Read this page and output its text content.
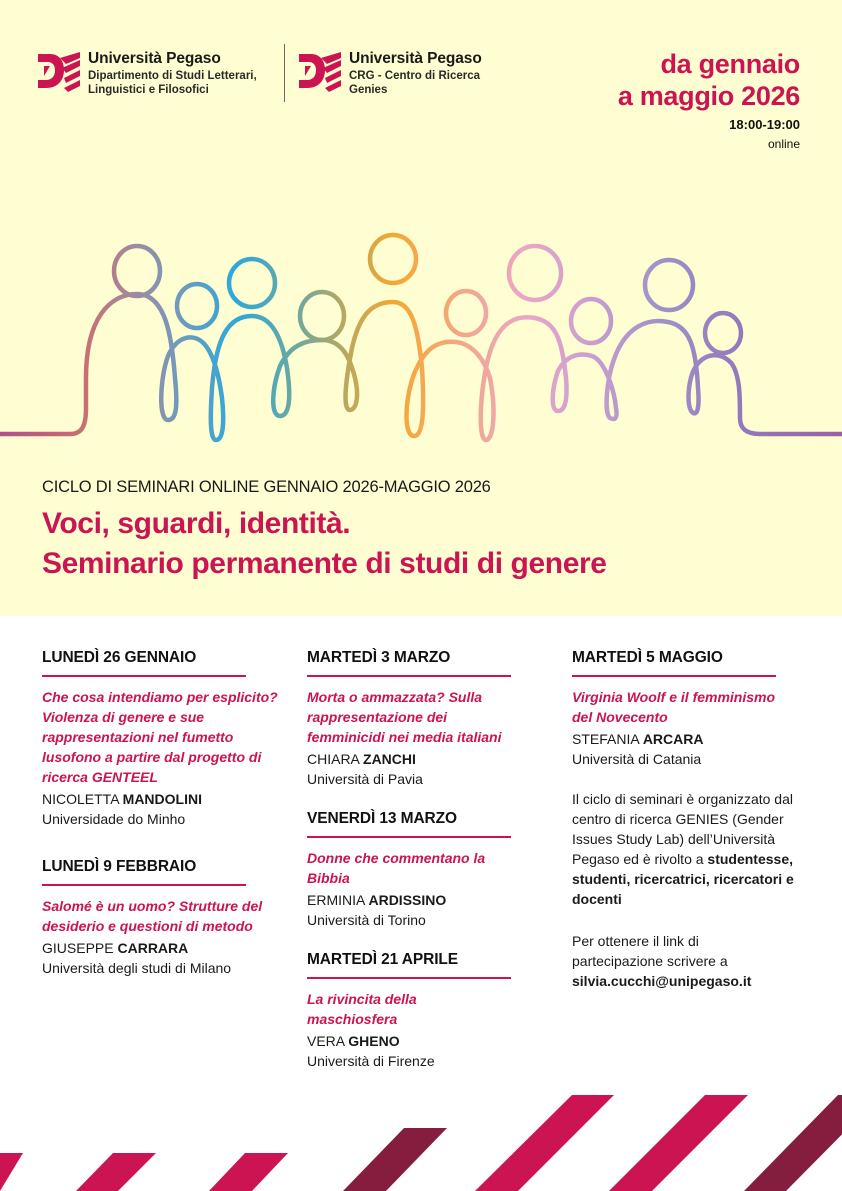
Università Pegaso
Dipartimento di Studi Letterari,
Linguistici e Filosofici
Università Pegaso
CRG - Centro di Ricerca
Genies
da gennaio
a maggio 2026
18:00-19:00
online
CICLO DI SEMINARI ONLINE GENNAIO 2026-MAGGIO 2026
Voci, sguardi, identità.
Seminario permanente di studi di genere
LUNEDÌ 26 GENNAIO
Che cosa intendiamo per esplicito? Violenza di genere e sue rappresentazioni nel fumetto lusofono a partire dal progetto di ricerca GENTEEL
NICOLETTA MANDOLINI
Universidade do Minho
LUNEDÌ 9 FEBBRAIO
Salomé è un uomo? Strutture del desiderio e questioni di metodo
GIUSEPPE CARRARA
Università degli studi di Milano
MARTEDÌ 3 MARZO
Morta o ammazzata? Sulla rappresentazione dei femminicidi nei media italiani
CHIARA ZANCHI
Università di Pavia
VENERDÌ 13 MARZO
Donne che commentano la Bibbia
ERMINIA ARDISSINO
Università di Torino
MARTEDÌ 21 APRILE
La rivincita della maschiosfera
VERA GHENO
Università di Firenze
MARTEDÌ 5 MAGGIO
Virginia Woolf e il femminismo del Novecento
STEFANIA ARCARA
Università di Catania
Il ciclo di seminari è organizzato dal centro di ricerca GENIES (Gender Issues Study Lab) dell’Università Pegaso ed è rivolto a studentesse, studenti, ricercatrici, ricercatori e docenti
Per ottenere il link di partecipazione scrivere a silvia.cucchi@unipegaso.it
